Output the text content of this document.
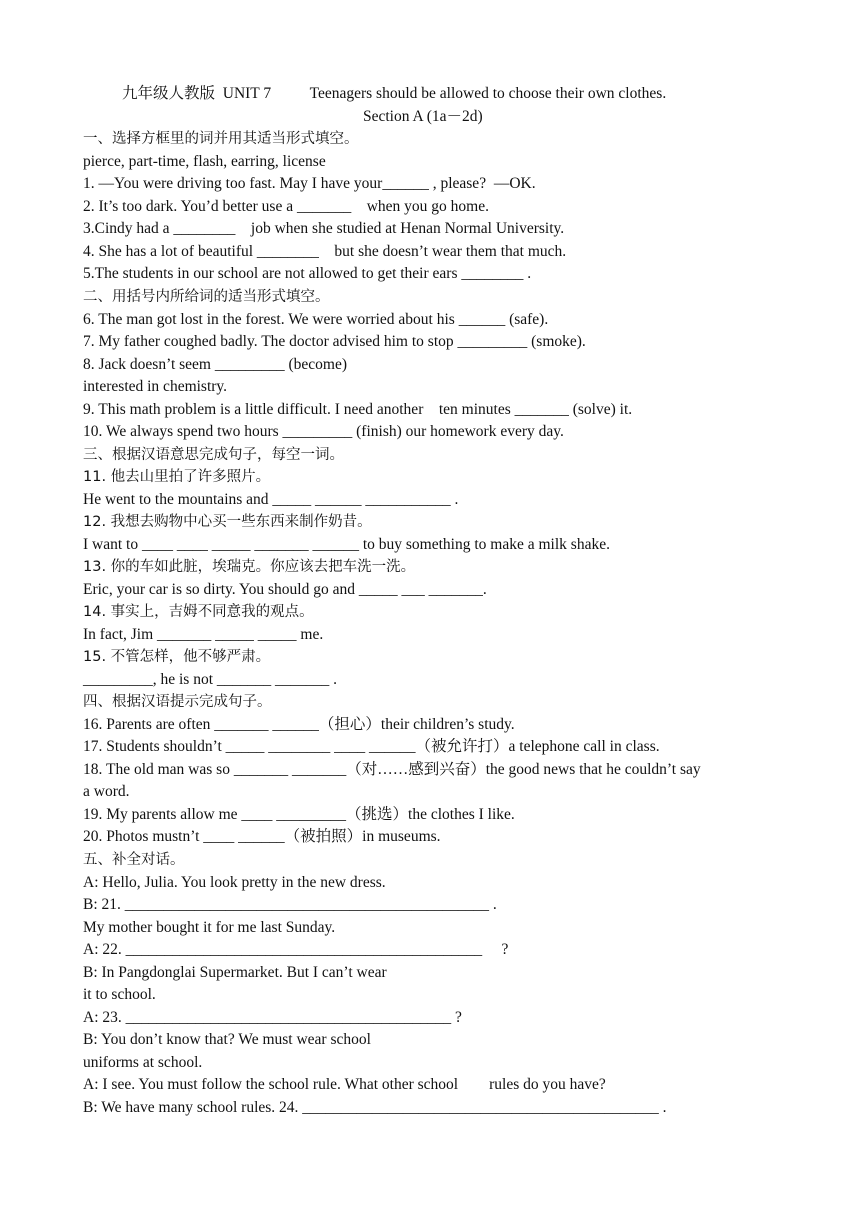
九年级人教版  UNIT 7          Teenagers should be allowed to choose their own clothes.
Section A (1a－2d)
一、选择方框里的词并用其适当形式填空。
pierce, part-time, flash, earring, license
1. —You were driving too fast. May I have your______ , please?  —OK.
2. It’s too dark. You’d better use a _______    when you go home.
3.Cindy had a ________    job when she studied at Henan Normal University.
4. She has a lot of beautiful ________    but she doesn’t wear them that much.
5.The students in our school are not allowed to get their ears ________ .
二、用括号内所给词的适当形式填空。
6. The man got lost in the forest. We were worried about his ______ (safe).
7. My father coughed badly. The doctor advised him to stop _________ (smoke).
8. Jack doesn’t seem _________ (become)
interested in chemistry.
9. This math problem is a little difficult. I need another    ten minutes _______ (solve) it.
10. We always spend two hours _________ (finish) our homework every day.
三、根据汉语意思完成句子，每空一词。
11. 他去山里拍了许多照片。
He went to the mountains and _____ ______ ___________ .
12. 我想去购物中心买一些东西来制作奶昔。
I want to ____ ____ _____ _______ ______ to buy something to make a milk shake.
13. 你的车如此脏，埃瑞克。你应该去把车洗一洗。
Eric, your car is so dirty. You should go and _____ ___ _______.
14. 事实上，吉姆不同意我的观点。
In fact, Jim _______ _____ _____ me.
15. 不管怎样，他不够严肃。
_________, he is not _______ _______ .
四、根据汉语提示完成句子。
16. Parents are often _______ ______（担心）their children’s study.
17. Students shouldn’t _____ ________ ____ ______（被允许打）a telephone call in class.
18. The old man was so _______ _______（对……感到兴奋）the good news that he couldn’t say
a word.
19. My parents allow me ____ _________（挑选）the clothes I like.
20. Photos mustn’t ____ ______（被拍照）in museums.
五、补全对话。
A: Hello, Julia. You look pretty in the new dress.
B: 21. _______________________________________________ .
My mother bought it for me last Sunday.
A: 22. ______________________________________________     ?
B: In Pangdonglai Supermarket. But I can’t wear
it to school.
A: 23. __________________________________________ ?
B: You don’t know that? We must wear school
uniforms at school.
A: I see. You must follow the school rule. What other school        rules do you have?
B: We have many school rules. 24. ______________________________________________ .
